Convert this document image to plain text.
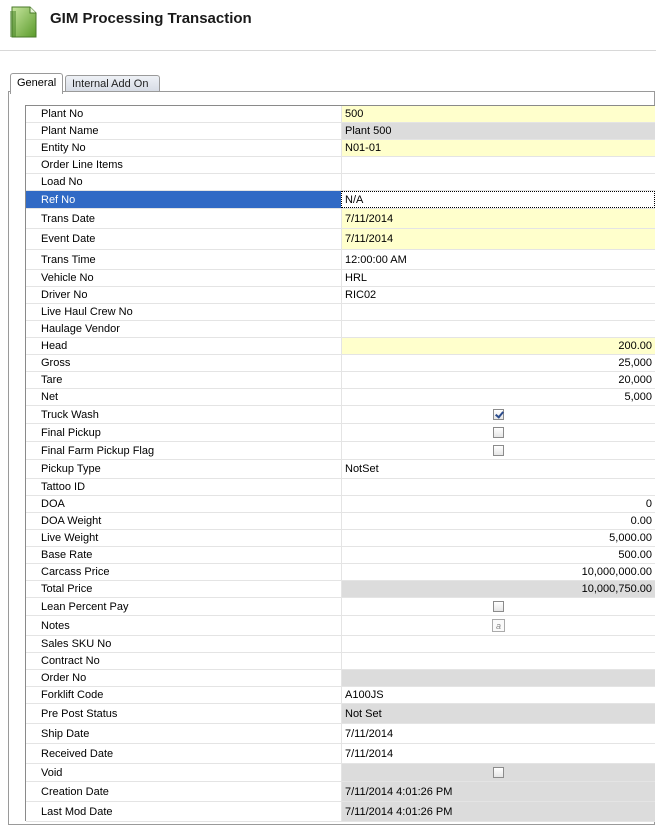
GIM Processing Transaction
General	Internal Add On
Plant No	500
Plant Name	Plant 500
Entity No	N01-01
Order Line Items
Load No
Ref No	N/A
Trans Date	7/11/2014
Event Date	7/11/2014
Trans Time	12:00:00 AM
Vehicle No	HRL
Driver No	RIC02
Live Haul Crew No
Haulage Vendor
Head	200.00
Gross	25,000
Tare	20,000
Net	5,000
Truck Wash
Final Pickup
Final Farm Pickup Flag
Pickup Type	NotSet
Tattoo ID
DOA	0
DOA Weight	0.00
Live Weight	5,000.00
Base Rate	500.00
Carcass Price	10,000,000.00
Total Price	10,000,750.00
Lean Percent Pay
Notes	a
Sales SKU No
Contract No
Order No
Forklift Code	A100JS
Pre Post Status	Not Set
Ship Date	7/11/2014
Received Date	7/11/2014
Void
Creation Date	7/11/2014 4:01:26 PM
Last Mod Date	7/11/2014 4:01:26 PM
